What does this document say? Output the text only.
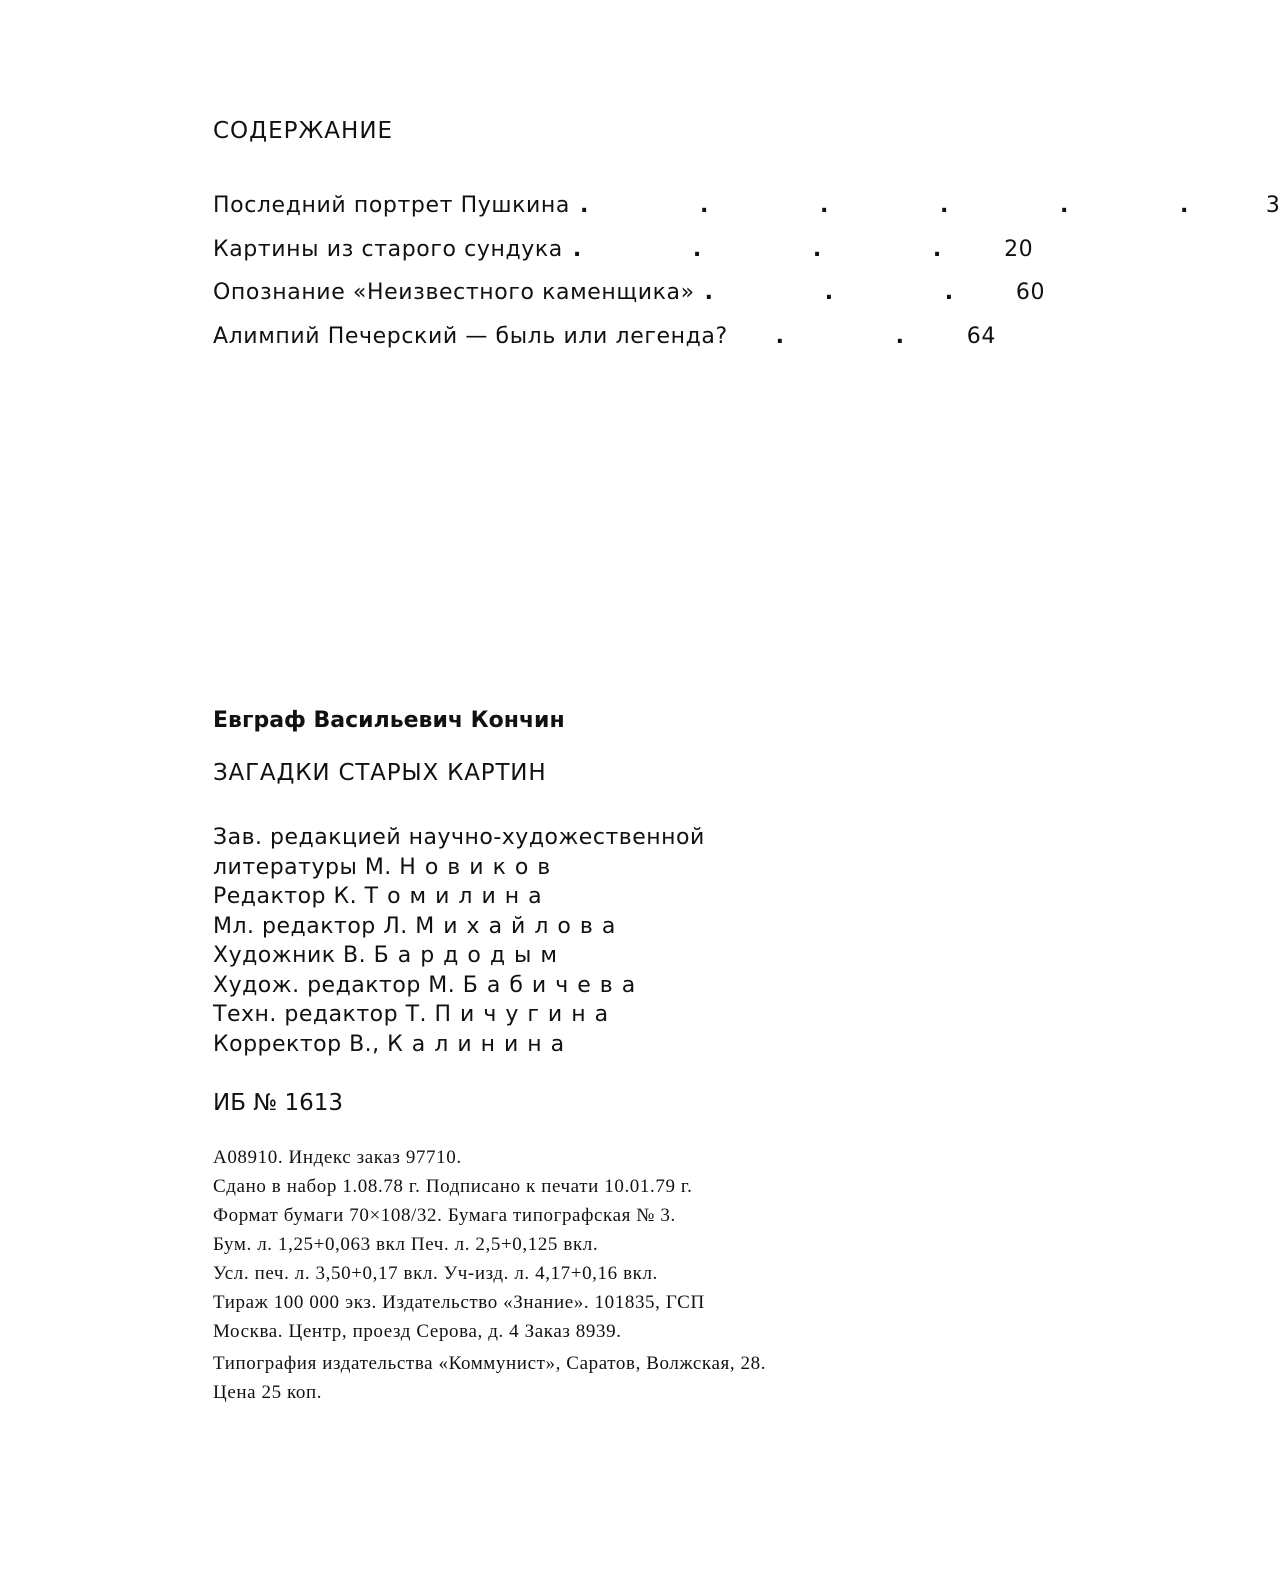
СОДЕРЖАНИЕ
Последний портрет Пушкина . . . . . .	3
Картины из старого сундука . . . . 20
Опознание «Неизвестного каменщика» . . . 60
Алимпий Печерский — быль или легенда?	. . 64

Евграф Васильевич Кончин

ЗАГАДКИ СТАРЫХ КАРТИН
Зав. редакцией научно-художественной
литературы М. Новиков
Редактор К. Томилина
Мл. редактор Л. Михайлова
Художник В. Бардодым
Худож. редактор М. Бабичева
Техн. редактор Т. Пичугина
Корректор В., Калинина

ИБ № 1613

А08910. Индекс заказ 97710.
Сдано в набор 1.08.78 г. Подписано к печати 10.01.79 г.
Формат бумаги 70×108/32. Бумага типографская № 3.
Бум. л. 1,25+0,063 вкл Печ. л. 2,5+0,125 вкл.
Усл. печ. л. 3,50+0,17 вкл. Уч-изд. л. 4,17+0,16 вкл.
Тираж 100 000 экз. Издательство «Знание». 101835, ГСП
Москва. Центр, проезд Серова, д. 4 Заказ 8939.
Типография издательства «Коммунист», Саратов, Волжская, 28.
Цена 25 коп.
